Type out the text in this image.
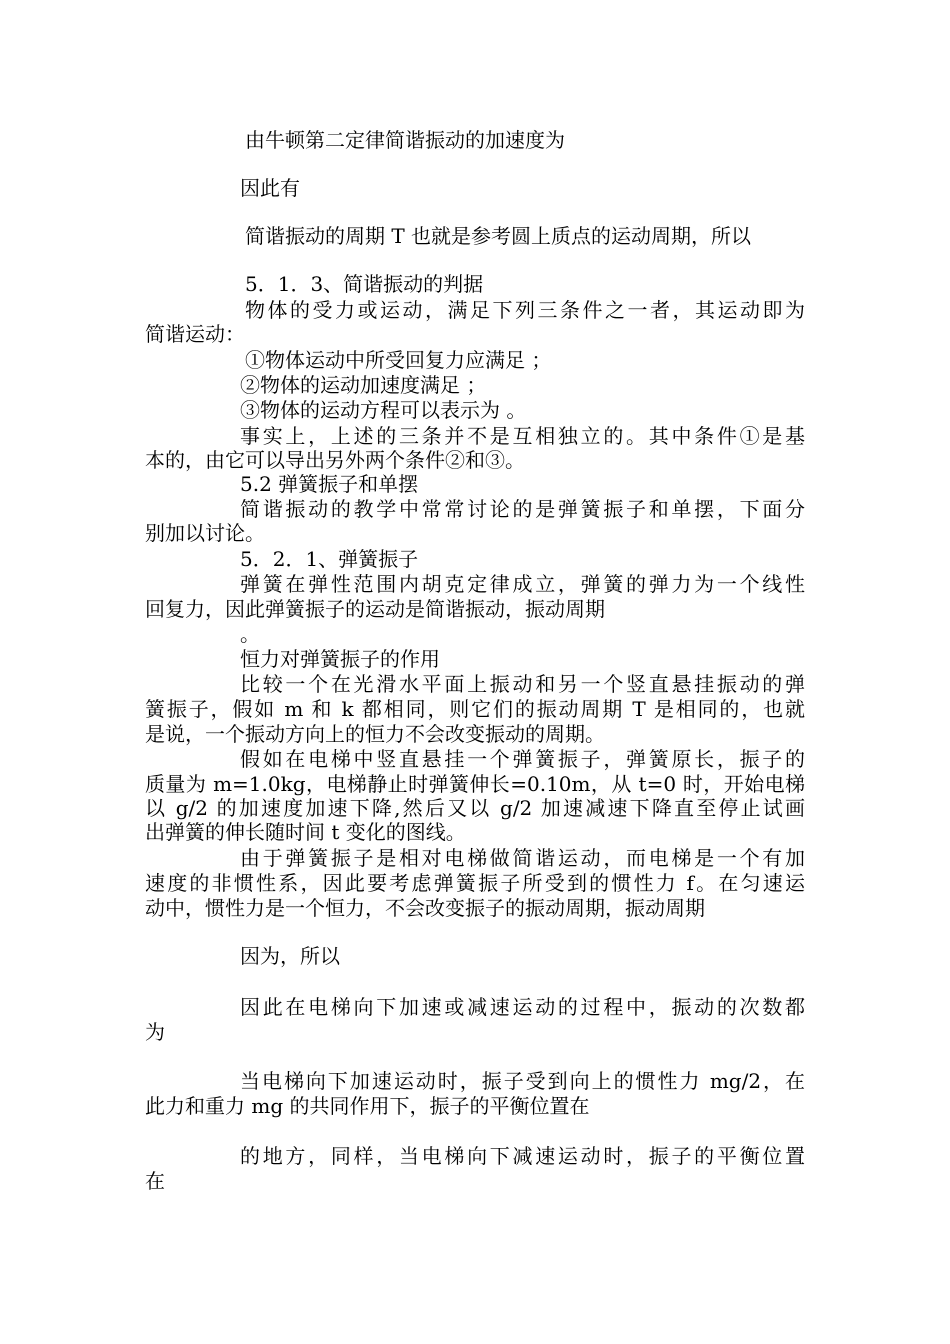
由牛顿第二定律简谐振动的加速度为
因此有
简谐振动的周期 T 也就是参考圆上质点的运动周期，所以
5．1．3、简谐振动的判据
物体的受力或运动，满足下列三条件之一者，其运动即为
简谐运动：
①物体运动中所受回复力应满足 ；
②物体的运动加速度满足 ；
③物体的运动方程可以表示为 。
事实上，上述的三条并不是互相独立的。其中条件①是基
本的，由它可以导出另外两个条件②和③。
5.2 弹簧振子和单摆
简谐振动的教学中常常讨论的是弹簧振子和单摆，下面分
别加以讨论。
5．2．1、弹簧振子
弹簧在弹性范围内胡克定律成立，弹簧的弹力为一个线性
回复力，因此弹簧振子的运动是简谐振动，振动周期
。
恒力对弹簧振子的作用
比较一个在光滑水平面上振动和另一个竖直悬挂振动的弹
簧振子，假如 m 和 k 都相同，则它们的振动周期 T 是相同的，也就
是说，一个振动方向上的恒力不会改变振动的周期。
假如在电梯中竖直悬挂一个弹簧振子，弹簧原长，振子的
质量为 m=1.0kg，电梯静止时弹簧伸长=0.10m，从 t=0 时，开始电梯
以 g/2 的加速度加速下降,然后又以 g/2 加速减速下降直至停止试画
出弹簧的伸长随时间 t 变化的图线。
由于弹簧振子是相对电梯做简谐运动，而电梯是一个有加
速度的非惯性系，因此要考虑弹簧振子所受到的惯性力 f。在匀速运
动中，惯性力是一个恒力，不会改变振子的振动周期，振动周期
因为，所以
因此在电梯向下加速或减速运动的过程中，振动的次数都
为
当电梯向下加速运动时，振子受到向上的惯性力 mg/2，在
此力和重力 mg 的共同作用下，振子的平衡位置在
的地方，同样，当电梯向下减速运动时，振子的平衡位置
在
